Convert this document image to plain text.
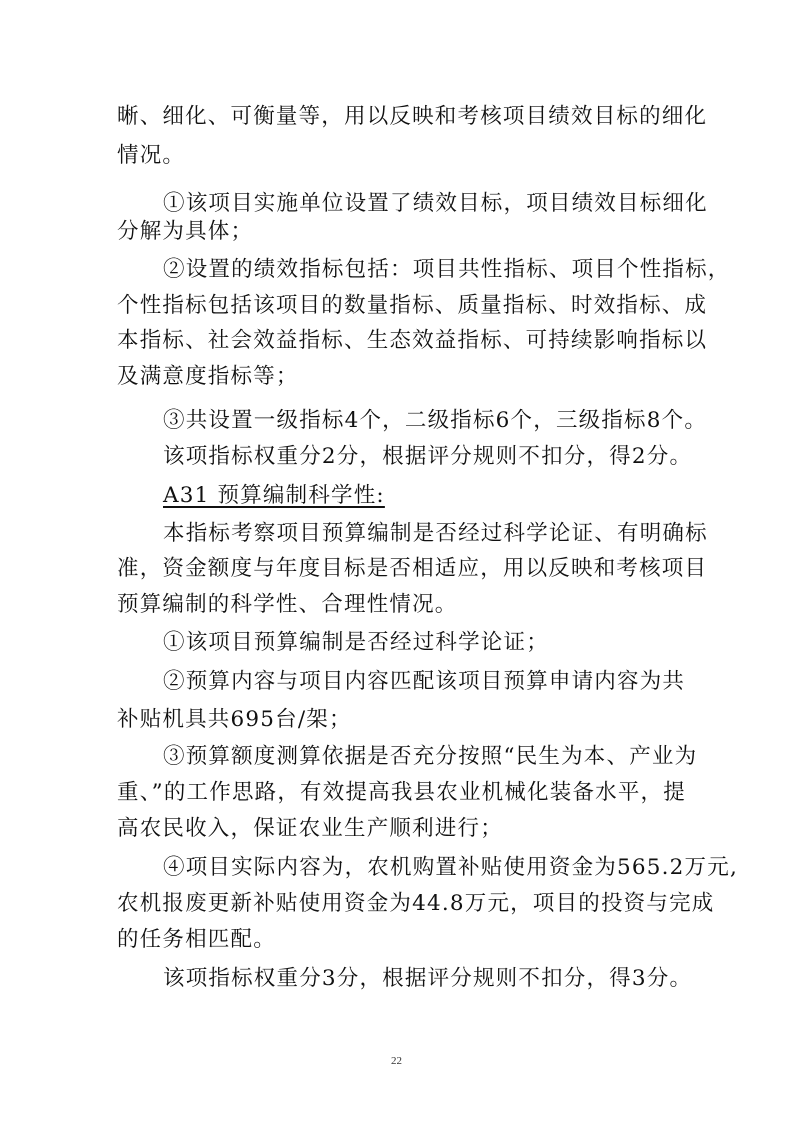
晰、细化、可衡量等，用以反映和考核项目绩效目标的细化
情况。
①该项目实施单位设置了绩效目标，项目绩效目标细化
分解为具体；
②设置的绩效指标包括：项目共性指标、项目个性指标，
个性指标包括该项目的数量指标、质量指标、时效指标、成
本指标、社会效益指标、生态效益指标、可持续影响指标以
及满意度指标等；
③共设置一级指标4个，二级指标6个，三级指标8个。
该项指标权重分2分，根据评分规则不扣分，得2分。
A31 预算编制科学性:
本指标考察项目预算编制是否经过科学论证、有明确标
准，资金额度与年度目标是否相适应，用以反映和考核项目
预算编制的科学性、合理性情况。
①该项目预算编制是否经过科学论证；
②预算内容与项目内容匹配该项目预算申请内容为共
补贴机具共695台/架；
③预算额度测算依据是否充分按照“民生为本、产业为
重、”的工作思路，有效提高我县农业机械化装备水平，提
高农民收入，保证农业生产顺利进行；
④项目实际内容为，农机购置补贴使用资金为565.2万元,
农机报废更新补贴使用资金为44.8万元，项目的投资与完成
的任务相匹配。
该项指标权重分3分，根据评分规则不扣分，得3分。
22
